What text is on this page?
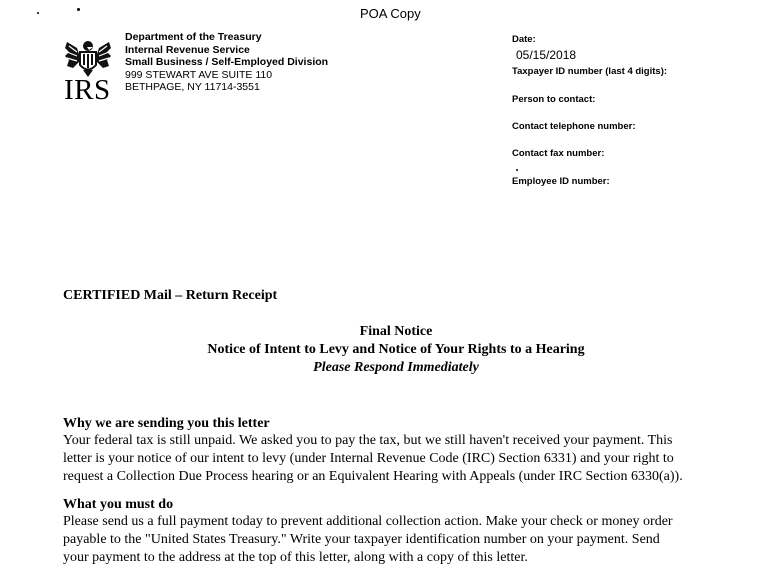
POA Copy
IRS
Department of the Treasury
Internal Revenue Service
Small Business / Self-Employed Division
999 STEWART AVE SUITE 110
BETHPAGE, NY 11714-3551
Date:
05/15/2018
Taxpayer ID number (last 4 digits):
Person to contact:
Contact telephone number:
Contact fax number:
Employee ID number:
CERTIFIED Mail – Return Receipt
Final Notice
Notice of Intent to Levy and Notice of Your Rights to a Hearing
Please Respond Immediately
Why we are sending you this letter
Your federal tax is still unpaid. We asked you to pay the tax, but we still haven't received your payment. This
letter is your notice of our intent to levy (under Internal Revenue Code (IRC) Section 6331) and your right to
request a Collection Due Process hearing or an Equivalent Hearing with Appeals (under IRC Section 6330(a)).
What you must do
Please send us a full payment today to prevent additional collection action. Make your check or money order
payable to the "United States Treasury." Write your taxpayer identification number on your payment. Send
your payment to the address at the top of this letter, along with a copy of this letter.
